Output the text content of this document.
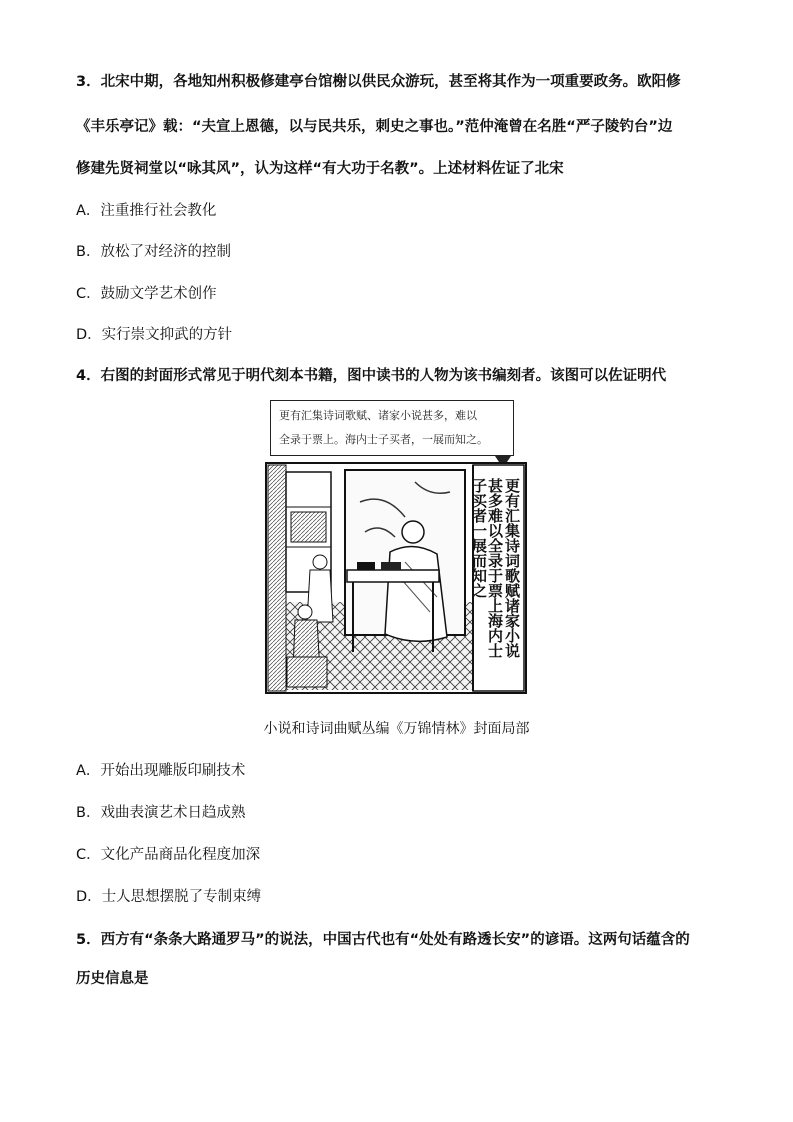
3．北宋中期，各地知州积极修建亭台馆榭以供民众游玩，甚至将其作为一项重要政务。欧阳修
《丰乐亭记》载：“夫宣上恩德，以与民共乐，刺史之事也。”范仲淹曾在名胜“严子陵钓台”边
修建先贤祠堂以“咏其风”，认为这样“有大功于名教”。上述材料佐证了北宋
A．注重推行社会教化
B．放松了对经济的控制
C．鼓励文学艺术创作
D．实行崇文抑武的方针
4．右图的封面形式常见于明代刻本书籍，图中读书的人物为该书编刻者。该图可以佐证明代
更有汇集诗词歌赋、诸家小说甚多，难以
全录于票上。海内士子买者，一展而知之。
更有汇集诗词歌赋诸家小说
甚多难以全录于票上海内士
子买者一展而知之
小说和诗词曲赋丛编《万锦情林》封面局部
A．开始出现雕版印刷技术
B．戏曲表演艺术日趋成熟
C．文化产品商品化程度加深
D．士人思想摆脱了专制束缚
5．西方有“条条大路通罗马”的说法，中国古代也有“处处有路透长安”的谚语。这两句话蕴含的
历史信息是
